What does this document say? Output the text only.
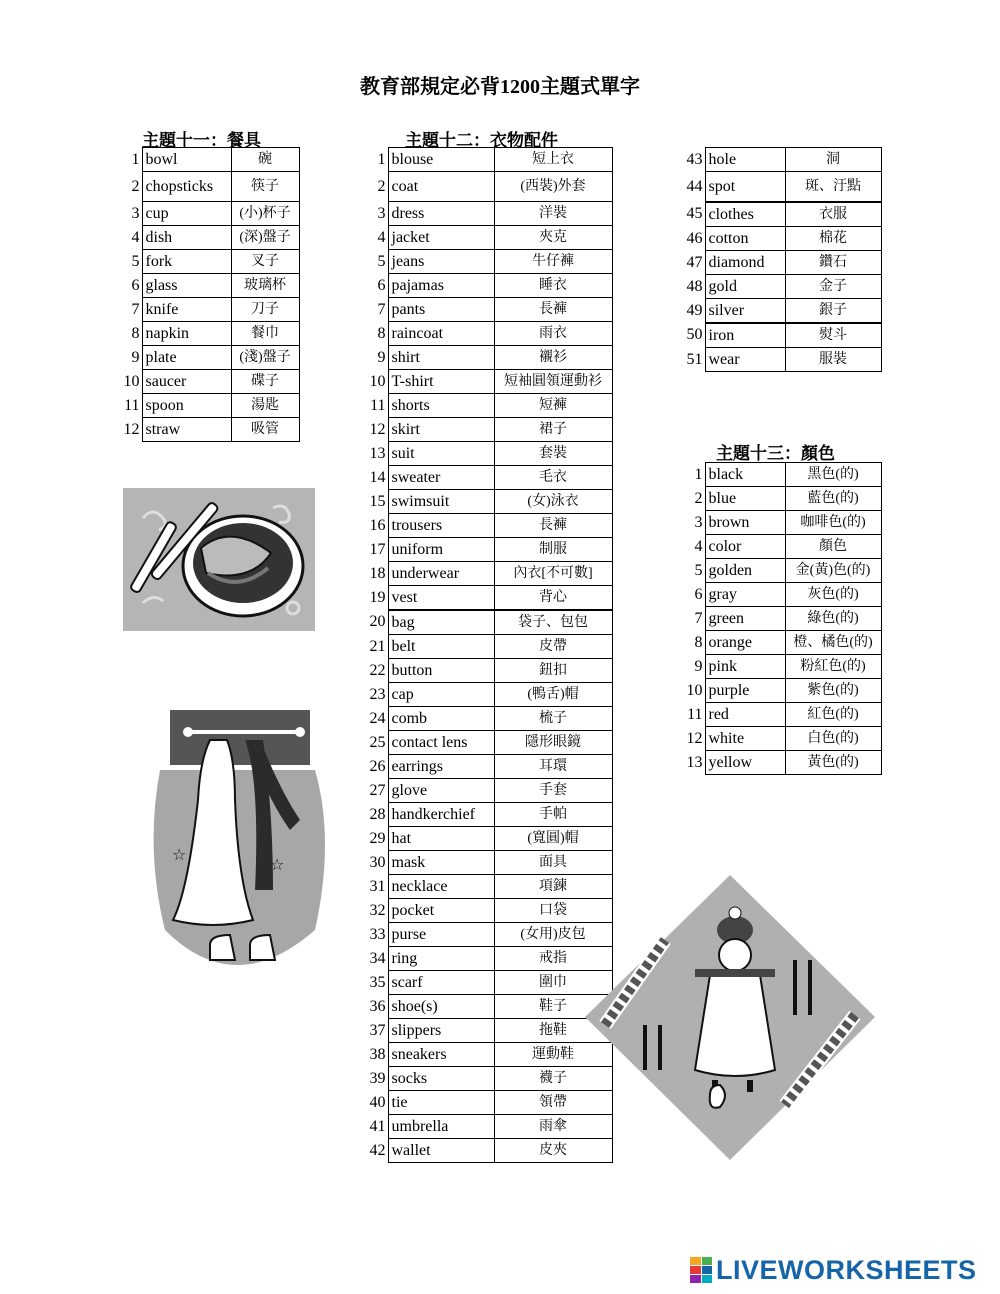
教育部規定必背1200主題式單字
主題十一：餐具	主題十二：衣物配件
主題十三：顏色
1	bowl	碗
2	chopsticks	筷子
3	cup	(小)杯子
4	dish	(深)盤子
5	fork	叉子
6	glass	玻璃杯
7	knife	刀子
8	napkin	餐巾
9	plate	(淺)盤子
10	saucer	碟子
11	spoon	湯匙
12	straw	吸管
1	blouse	短上衣
2	coat	(西裝)外套
3	dress	洋裝
4	jacket	夾克
5	jeans	牛仔褲
6	pajamas	睡衣
7	pants	長褲
8	raincoat	雨衣
9	shirt	襯衫
10	T-shirt	短袖圓領運動衫
11	shorts	短褲
12	skirt	裙子
13	suit	套裝
14	sweater	毛衣
15	swimsuit	(女)泳衣
16	trousers	長褲
17	uniform	制服
18	underwear	內衣[不可數]
19	vest	背心
20	bag	袋子、包包
21	belt	皮帶
22	button	鈕扣
23	cap	(鴨舌)帽
24	comb	梳子
25	contact lens	隱形眼鏡
26	earrings	耳環
27	glove	手套
28	handkerchief	手帕
29	hat	(寬圓)帽
30	mask	面具
31	necklace	項鍊
32	pocket	口袋
33	purse	(女用)皮包
34	ring	戒指
35	scarf	圍巾
36	shoe(s)	鞋子
37	slippers	拖鞋
38	sneakers	運動鞋
39	socks	襪子
40	tie	領帶
41	umbrella	雨傘
42	wallet	皮夾
43	hole	洞
44	spot	斑、汙點
45	clothes	衣服
46	cotton	棉花
47	diamond	鑽石
48	gold	金子
49	silver	銀子
50	iron	熨斗
51	wear	服裝
1	black	黑色(的)
2	blue	藍色(的)
3	brown	咖啡色(的)
4	color	顏色
5	golden	金(黃)色(的)
6	gray	灰色(的)
7	green	綠色(的)
8	orange	橙、橘色(的)
9	pink	粉紅色(的)
10	purple	紫色(的)
11	red	紅色(的)
12	white	白色(的)
13	yellow	黃色(的)
☆
☆
LIVEWORKSHEETS
